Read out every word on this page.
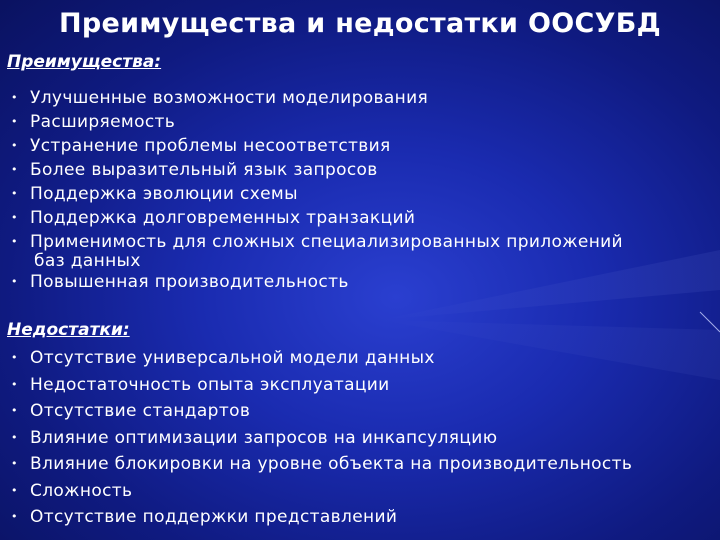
Преимущества и недостатки ООСУБД
Преимущества:
• Улучшенные возможности моделирования
• Расширяемость
• Устранение проблемы несоответствия
• Более выразительный язык запросов
• Поддержка эволюции схемы
• Поддержка долговременных транзакций
• Применимость для сложных специализированных приложений
баз данных
• Повышенная производительность
Недостатки:
• Отсутствие универсальной модели данных
• Недостаточность опыта эксплуатации
• Отсутствие стандартов
• Влияние оптимизации запросов на инкапсуляцию
• Влияние блокировки на уровне объекта на производительность
• Сложность
• Отсутствие поддержки представлений
